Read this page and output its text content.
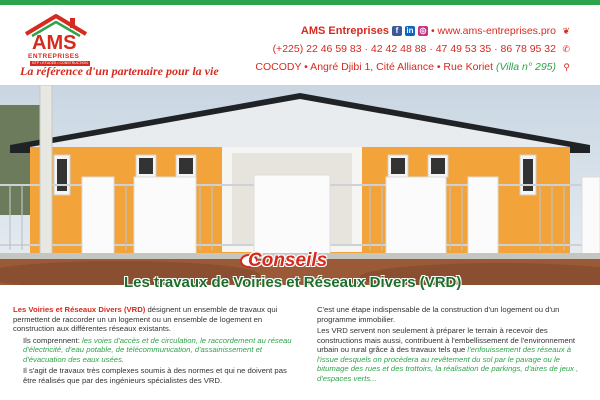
AMS
ENTREPRISES
BTP • ETUDES • CONSTRUCTION
La référence d'un partenaire pour la vie
AMS Entreprises f	in ◎ • www.ams-entreprises.pro ❦
(+225) 22 46 59 83 · 42 42 48 88 · 47 49 53 35 · 86 78 95 32 ✆
COCODY • Angré Djibi 1, Cité Alliance • Rue Koriet (Villa n° 295) ⚲
Conseils
Les travaux de Voiries et Réseaux Divers (VRD)

Les Voiries et Réseaux Divers (VRD) désignent un ensemble de travaux qui permettent de raccorder un un logement ou un ensemble de logement en construction aux différentes réseaux existants.

Ils comprennent: les voies d'accès et de circulation, le raccordement au réseau d'électricité, d'eau potable, de télécommunication, d'assainissement et d'évacuation des eaux usées.

Il s'agit de travaux très complexes soumis à des normes et qui ne doivent pas être réalisés que par des ingénieurs spécialistes des VRD.

C'est une étape indispensable de la construction d'un logement ou d'un programme immobilier.

Les VRD servent non seulement à préparer le terrain à recevoir des constructions mais aussi, contribuent à l'embellissement de l'environnement urbain ou rural grâce à des travaux tels que l'enfouissement des réseaux à l'issue desquels on procèdera au revêtement du sol par le pavage ou le bitumage des rues et des trottoirs, la réalisation de parkings, d'aires de jeux , d'espaces verts...
